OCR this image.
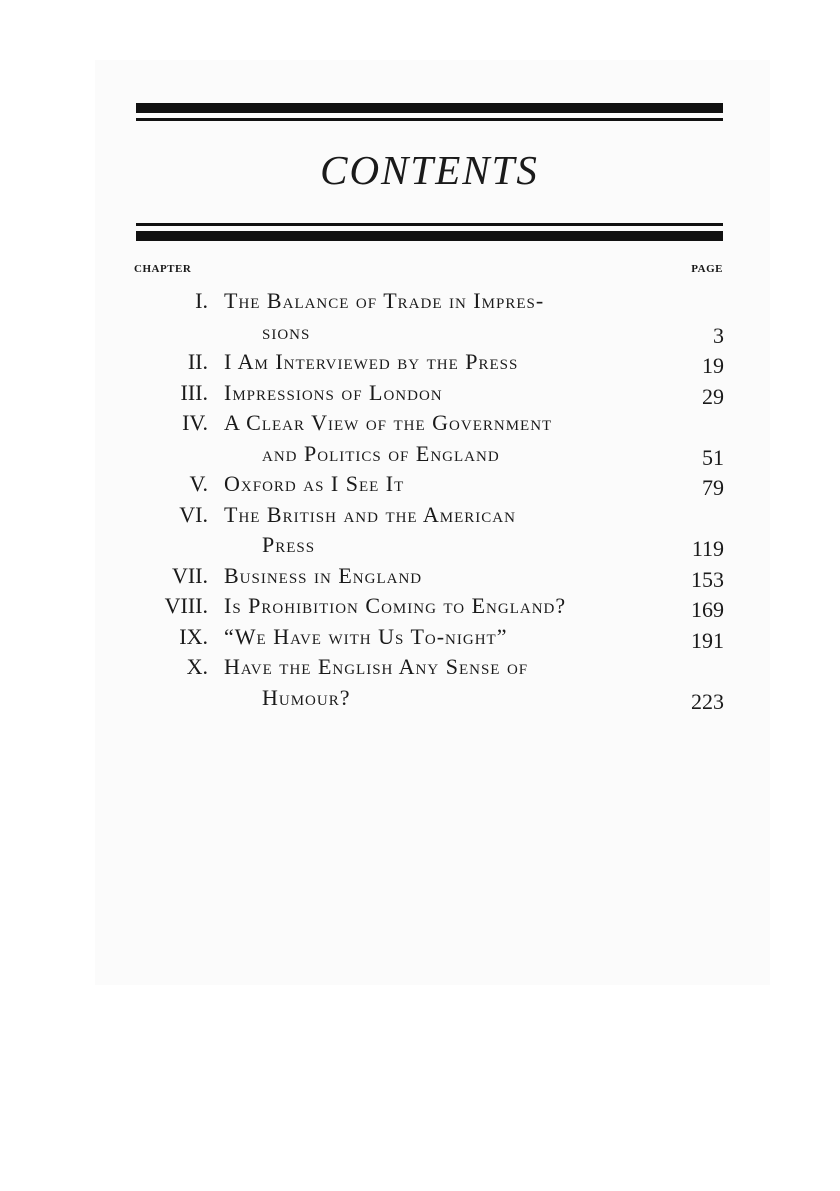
CONTENTS
CHAPTER	PAGE
I. The Balance of Trade in Impres-
sions	3
II. I Am Interviewed by the Press	19
III. Impressions of London	29
IV. A Clear View of the Government
and Politics of England	51
V. Oxford as I See It	79
VI. The British and the American
Press	119
VII. Business in England	153
VIII. Is Prohibition Coming to England?	169
IX. “We Have with Us To-night”	191
X. Have the English Any Sense of
Humour?	223
